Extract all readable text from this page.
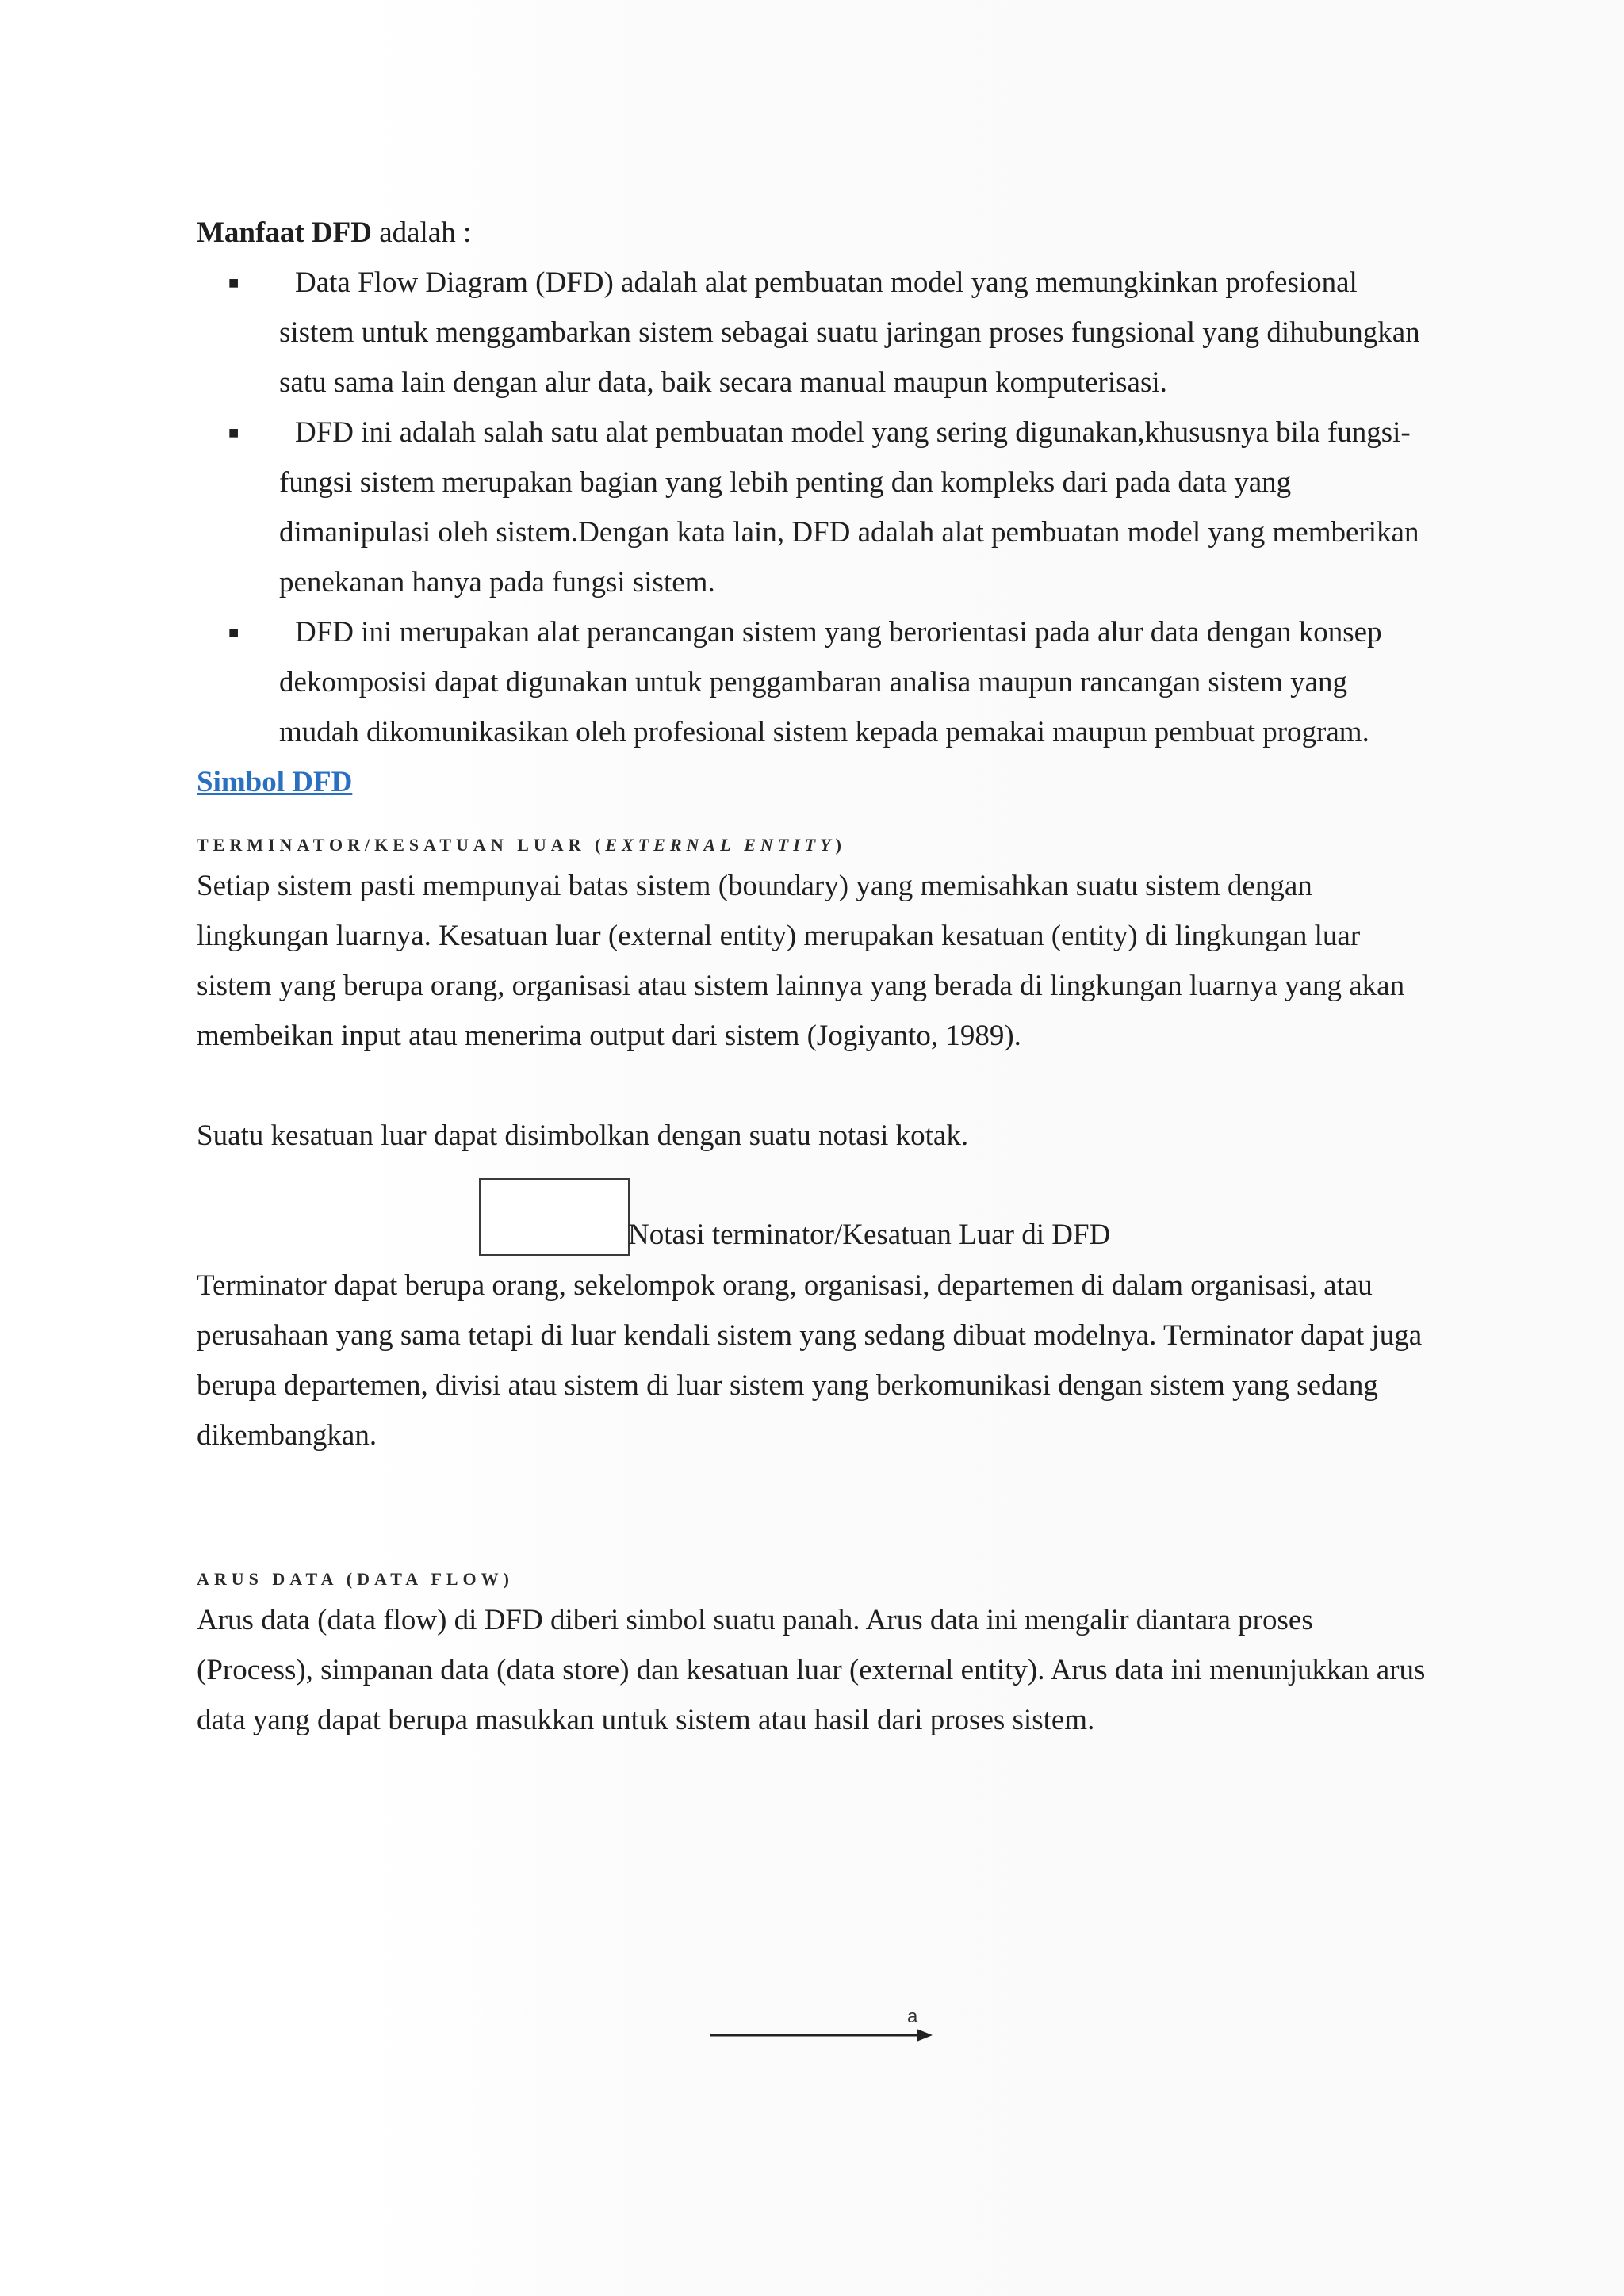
Manfaat DFD adalah :

■ Data Flow Diagram (DFD) adalah alat pembuatan model yang memungkinkan profesional sistem untuk menggambarkan sistem sebagai suatu jaringan proses fungsional yang dihubungkan satu sama lain dengan alur data, baik secara manual maupun komputerisasi.
■ DFD ini adalah salah satu alat pembuatan model yang sering digunakan,khususnya bila fungsi-fungsi sistem merupakan bagian yang lebih penting dan kompleks dari pada data yang dimanipulasi oleh sistem.Dengan kata lain, DFD adalah alat pembuatan model yang memberikan penekanan hanya pada fungsi sistem.
■ DFD ini merupakan alat perancangan sistem yang berorientasi pada alur data dengan konsep dekomposisi dapat digunakan untuk penggambaran analisa maupun rancangan sistem yang mudah dikomunikasikan oleh profesional sistem kepada pemakai maupun pembuat program.

Simbol DFD

TERMINATOR/KESATUAN LUAR (EXTERNAL ENTITY)

Setiap sistem pasti mempunyai batas sistem (boundary) yang memisahkan suatu sistem dengan lingkungan luarnya. Kesatuan luar (external entity) merupakan kesatuan (entity) di lingkungan luar sistem yang berupa orang, organisasi atau sistem lainnya yang berada di lingkungan luarnya yang akan membeikan input atau menerima output dari sistem (Jogiyanto, 1989).

Suatu kesatuan luar dapat disimbolkan dengan suatu notasi kotak.

Notasi terminator/Kesatuan Luar di DFD

Terminator dapat berupa orang, sekelompok orang, organisasi, departemen di dalam organisasi, atau perusahaan yang sama tetapi di luar kendali sistem yang sedang dibuat modelnya. Terminator dapat juga berupa departemen, divisi atau sistem di luar sistem yang berkomunikasi dengan sistem yang sedang dikembangkan.

ARUS DATA (DATA FLOW)

Arus data (data flow) di DFD diberi simbol suatu panah. Arus data ini mengalir diantara proses (Process), simpanan data (data store) dan kesatuan luar (external entity). Arus data ini menunjukkan arus data yang dapat berupa masukkan untuk sistem atau hasil dari proses sistem.

a
